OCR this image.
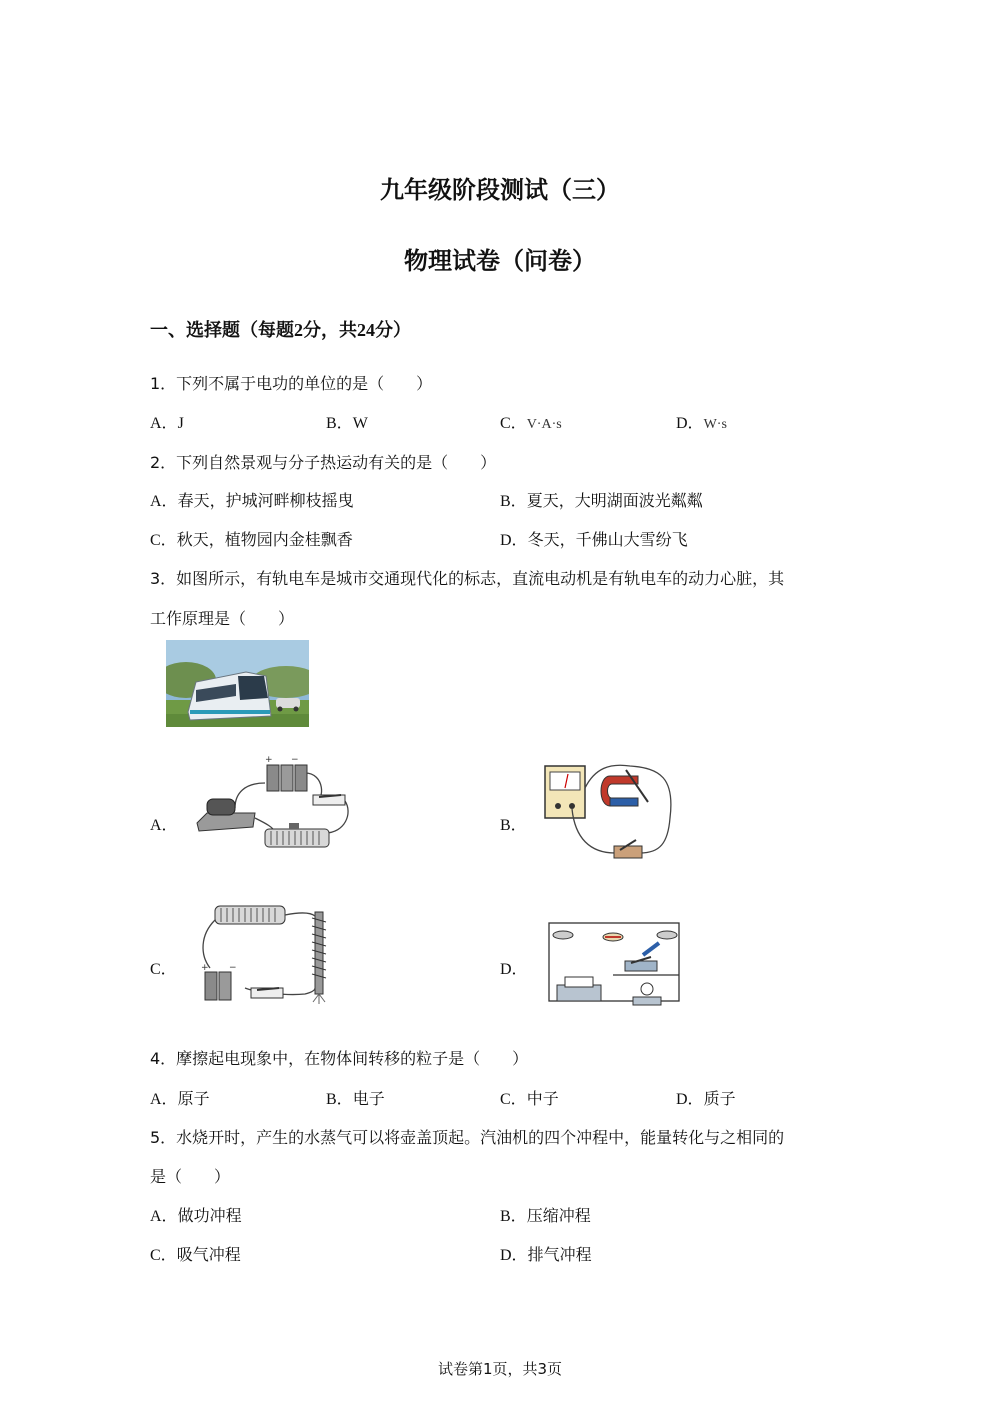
九年级阶段测试（三）
物理试卷（问卷）
一、选择题（每题2分，共24分）
1．下列不属于电功的单位的是（　　）
A．J	B．W	C．V·A·s	D．W·s
2．下列自然景观与分子热运动有关的是（　　）
A．春天，护城河畔柳枝摇曳	B．夏天，大明湖面波光粼粼
C．秋天，植物园内金桂飘香	D．冬天，千佛山大雪纷飞
3．如图所示，有轨电车是城市交通现代化的标志，直流电动机是有轨电车的动力心脏，其
工作原理是（　　）
A．
+ −
B．
C．	+ −	D．
4．摩擦起电现象中，在物体间转移的粒子是（　　）
A．原子	B．电子	C．中子	D．质子
5．水烧开时，产生的水蒸气可以将壶盖顶起。汽油机的四个冲程中，能量转化与之相同的
是（　　）
A．做功冲程	B．压缩冲程
C．吸气冲程	D．排气冲程
试卷第1页，共3页
